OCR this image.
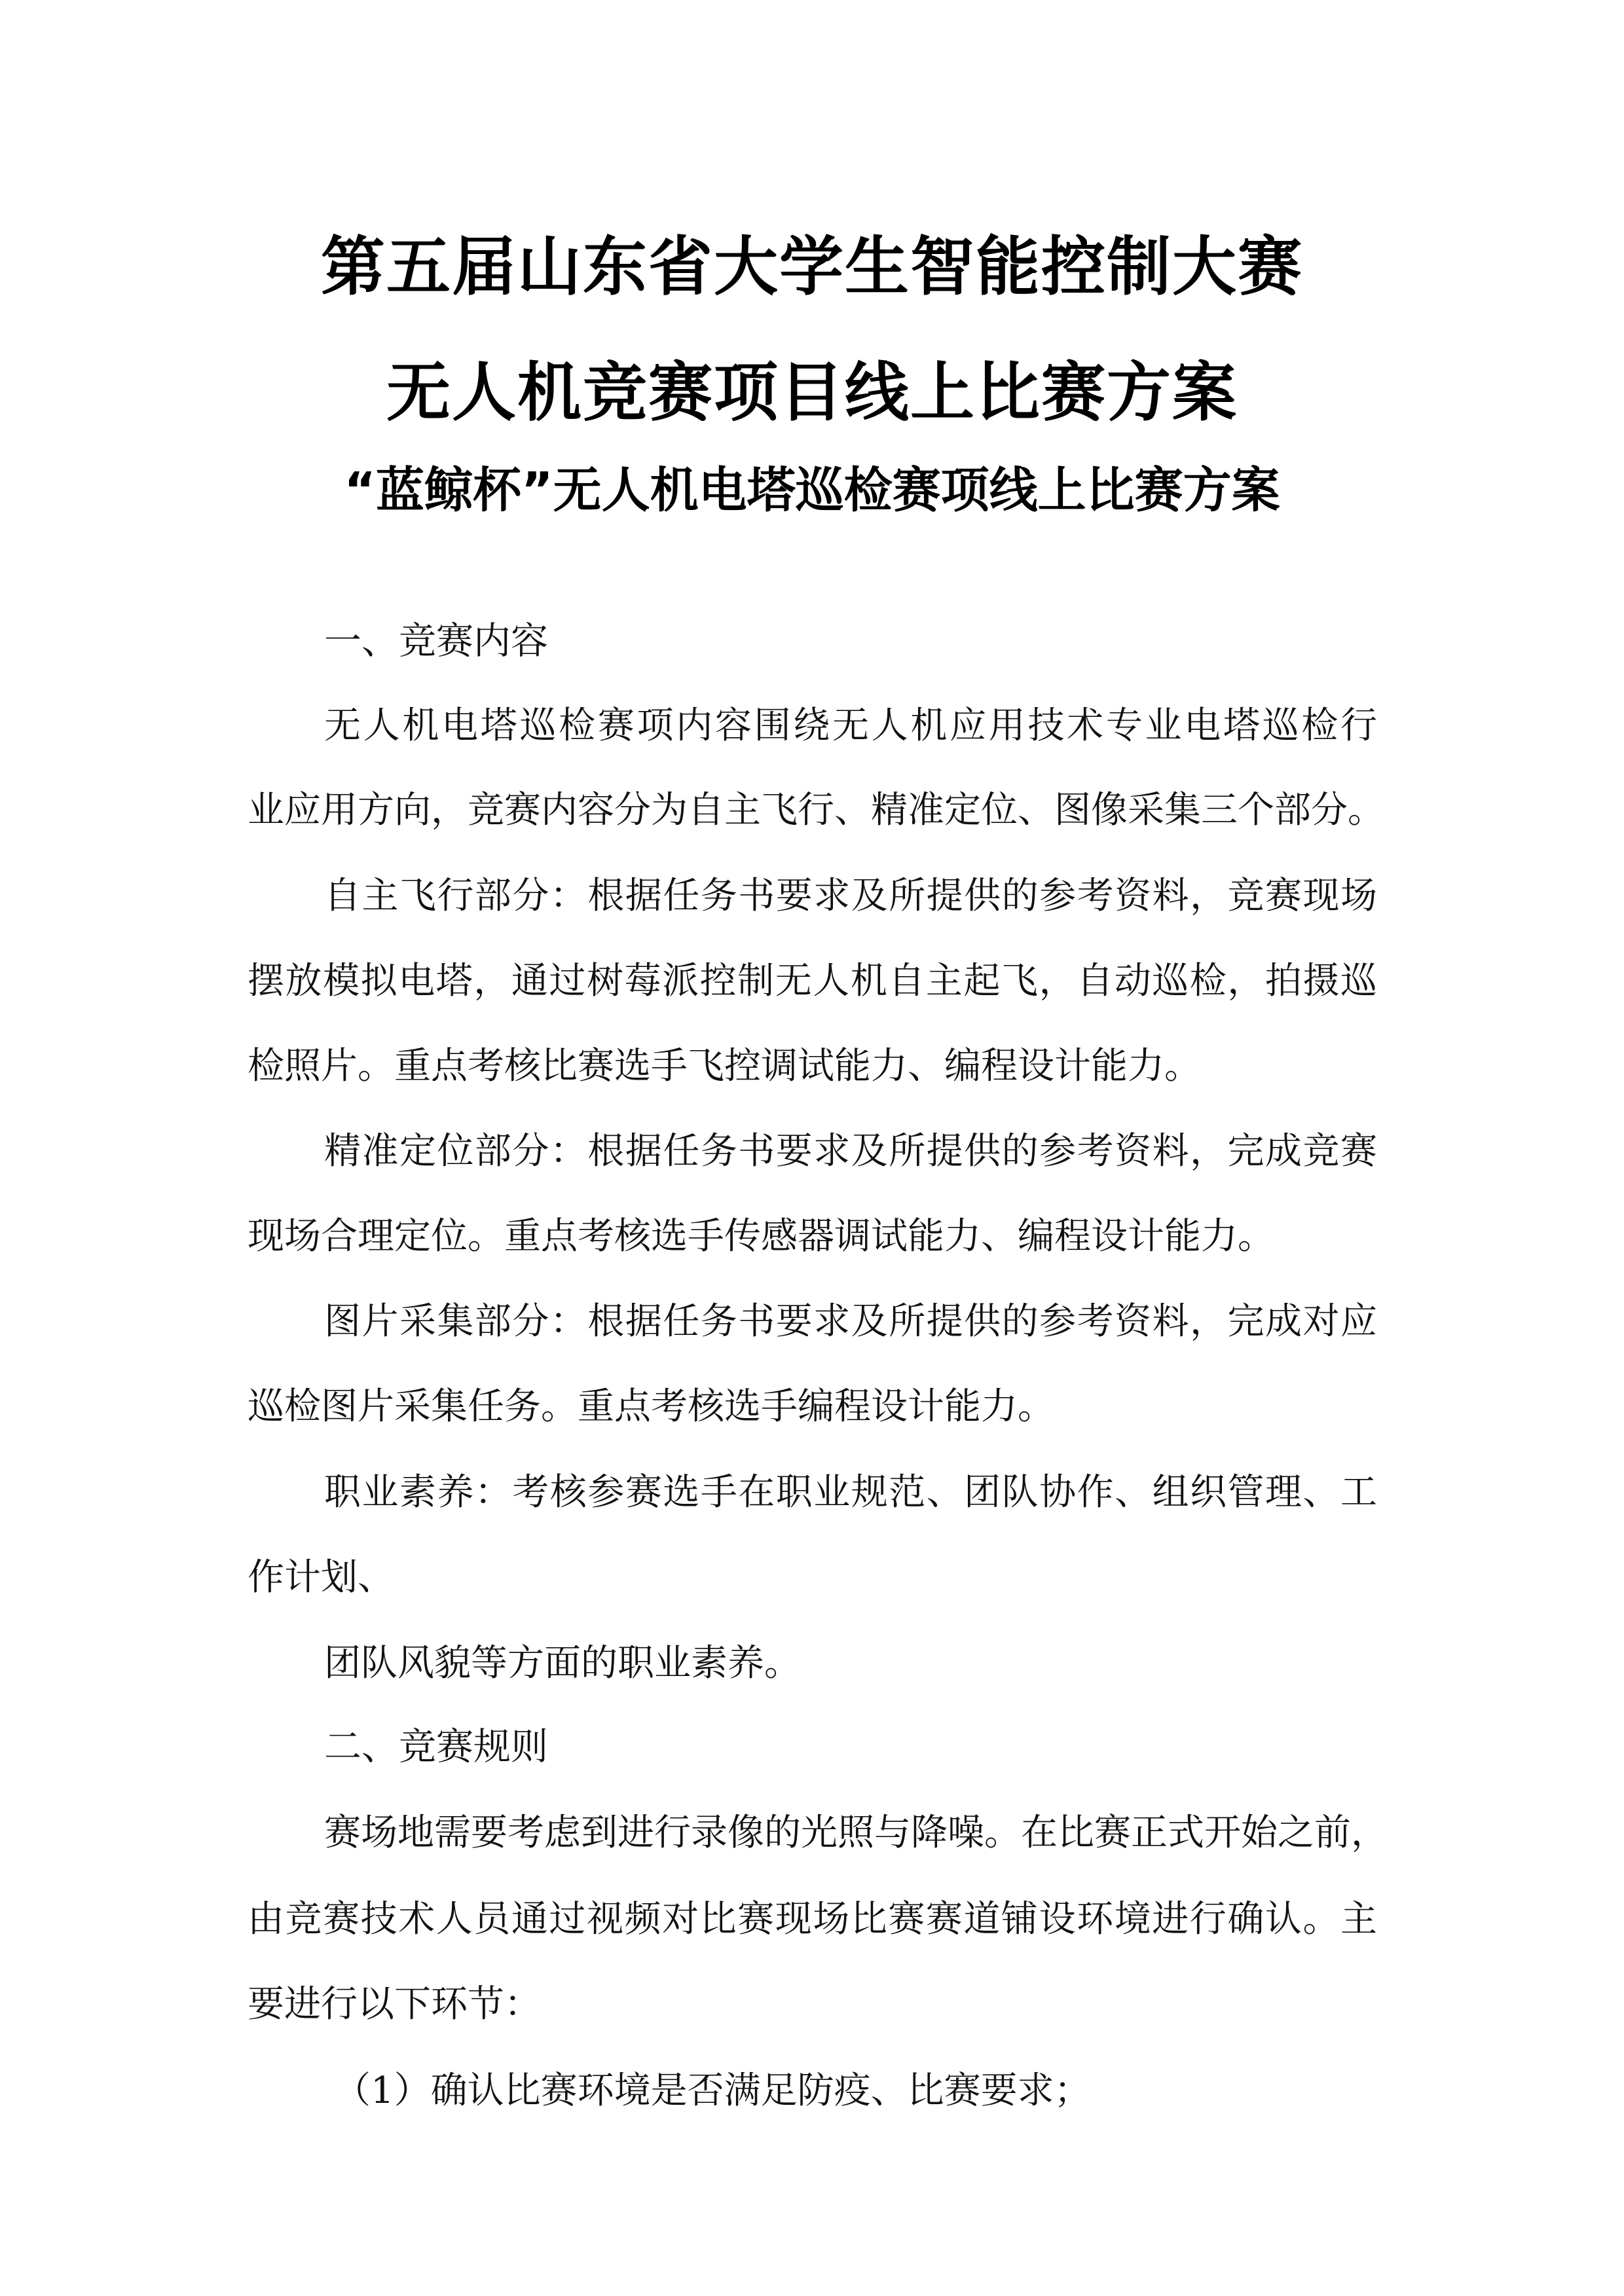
第五届山东省大学生智能控制大赛
无人机竞赛项目线上比赛方案
“蓝鲸杯”无人机电塔巡检赛项线上比赛方案
一、竞赛内容
无人机电塔巡检赛项内容围绕无人机应用技术专业电塔巡检行
业应用方向，竞赛内容分为自主飞行、精准定位、图像采集三个部分。
自主飞行部分：根据任务书要求及所提供的参考资料，竞赛现场
摆放模拟电塔，通过树莓派控制无人机自主起飞，自动巡检，拍摄巡
检照片。重点考核比赛选手飞控调试能力、编程设计能力。
精准定位部分：根据任务书要求及所提供的参考资料，完成竞赛
现场合理定位。重点考核选手传感器调试能力、编程设计能力。
图片采集部分：根据任务书要求及所提供的参考资料，完成对应
巡检图片采集任务。重点考核选手编程设计能力。
职业素养：考核参赛选手在职业规范、团队协作、组织管理、工
作计划、
团队风貌等方面的职业素养。
二、竞赛规则
赛场地需要考虑到进行录像的光照与降噪。在比赛正式开始之前，
由竞赛技术人员通过视频对比赛现场比赛赛道铺设环境进行确认。主
要进行以下环节：
（1）确认比赛环境是否满足防疫、比赛要求；
